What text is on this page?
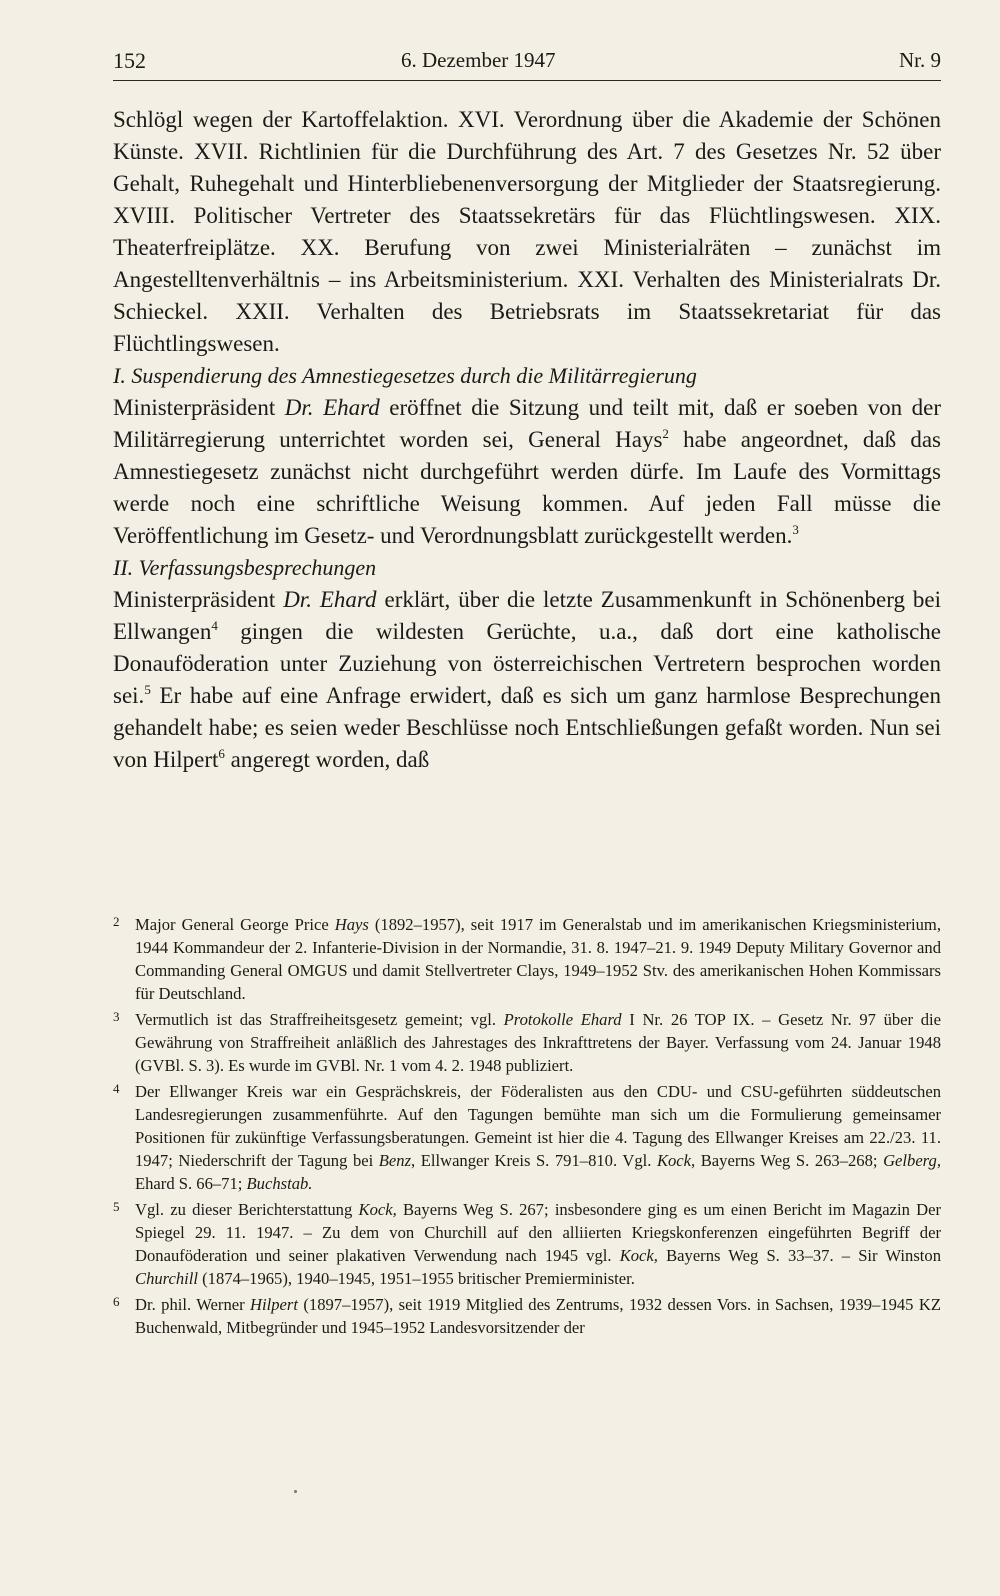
152	6. Dezember 1947	Nr. 9

Schlögl wegen der Kartoffelaktion. XVI. Verordnung über die Akademie der Schönen Künste. XVII. Richtlinien für die Durchführung des Art. 7 des Gesetzes Nr. 52 über Gehalt, Ruhegehalt und Hinterbliebenenversorgung der Mitglieder der Staatsregierung. XVIII. Politischer Vertreter des Staatssekretärs für das Flüchtlingswesen. XIX. Theaterfreiplätze. XX. Berufung von zwei Ministerialräten – zunächst im Angestelltenverhältnis – ins Arbeitsministerium. XXI. Verhalten des Ministerialrats Dr. Schieckel. XXII. Verhalten des Betriebsrats im Staatssekretariat für das Flüchtlingswesen.

I. Suspendierung des Amnestiegesetzes durch die Militärregierung

Ministerpräsident Dr. Ehard eröffnet die Sitzung und teilt mit, daß er soeben von der Militärregierung unterrichtet worden sei, General Hays$^2$ habe angeordnet, daß das Amnestiegesetz zunächst nicht durchgeführt werden dürfe. Im Laufe des Vormittags werde noch eine schriftliche Weisung kommen. Auf jeden Fall müsse die Veröffentlichung im Gesetz- und Verordnungsblatt zurückgestellt werden.$^3$

II. Verfassungsbesprechungen

Ministerpräsident Dr. Ehard erklärt, über die letzte Zusammenkunft in Schönenberg bei Ellwangen$^4$ gingen die wildesten Gerüchte, u.a., daß dort eine katholische Donauföderation unter Zuziehung von österreichischen Vertretern besprochen worden sei.$^5$ Er habe auf eine Anfrage erwidert, daß es sich um ganz harmlose Besprechungen gehandelt habe; es seien weder Beschlüsse noch Entschließungen gefaßt worden. Nun sei von Hilpert$^6$ angeregt worden, daß

2 Major General George Price Hays (1892–1957), seit 1917 im Generalstab und im amerikanischen Kriegsministerium, 1944 Kommandeur der 2. Infanterie-Division in der Normandie, 31. 8. 1947–21. 9. 1949 Deputy Military Governor and Commanding General OMGUS und damit Stellvertreter Clays, 1949–1952 Stv. des amerikanischen Hohen Kommissars für Deutschland.
3 Vermutlich ist das Straffreiheitsgesetz gemeint; vgl. Protokolle Ehard I Nr. 26 TOP IX. – Gesetz Nr. 97 über die Gewährung von Straffreiheit anläßlich des Jahrestages des Inkrafttretens der Bayer. Verfassung vom 24. Januar 1948 (GVBl. S. 3). Es wurde im GVBl. Nr. 1 vom 4. 2. 1948 publiziert.
4 Der Ellwanger Kreis war ein Gesprächskreis, der Föderalisten aus den CDU- und CSU-geführten süddeutschen Landesregierungen zusammenführte. Auf den Tagungen bemühte man sich um die Formulierung gemeinsamer Positionen für zukünftige Verfassungsberatungen. Gemeint ist hier die 4. Tagung des Ellwanger Kreises am 22./23. 11. 1947; Niederschrift der Tagung bei Benz, Ellwanger Kreis S. 791–810. Vgl. Kock, Bayerns Weg S. 263–268; Gelberg, Ehard S. 66–71; Buchstab.
5 Vgl. zu dieser Berichterstattung Kock, Bayerns Weg S. 267; insbesondere ging es um einen Bericht im Magazin Der Spiegel 29. 11. 1947. – Zu dem von Churchill auf den alliierten Kriegskonferenzen eingeführten Begriff der Donauföderation und seiner plakativen Verwendung nach 1945 vgl. Kock, Bayerns Weg S. 33–37. – Sir Winston Churchill (1874–1965), 1940–1945, 1951–1955 britischer Premierminister.
6 Dr. phil. Werner Hilpert (1897–1957), seit 1919 Mitglied des Zentrums, 1932 dessen Vors. in Sachsen, 1939–1945 KZ Buchenwald, Mitbegründer und 1945–1952 Landesvorsitzender der
